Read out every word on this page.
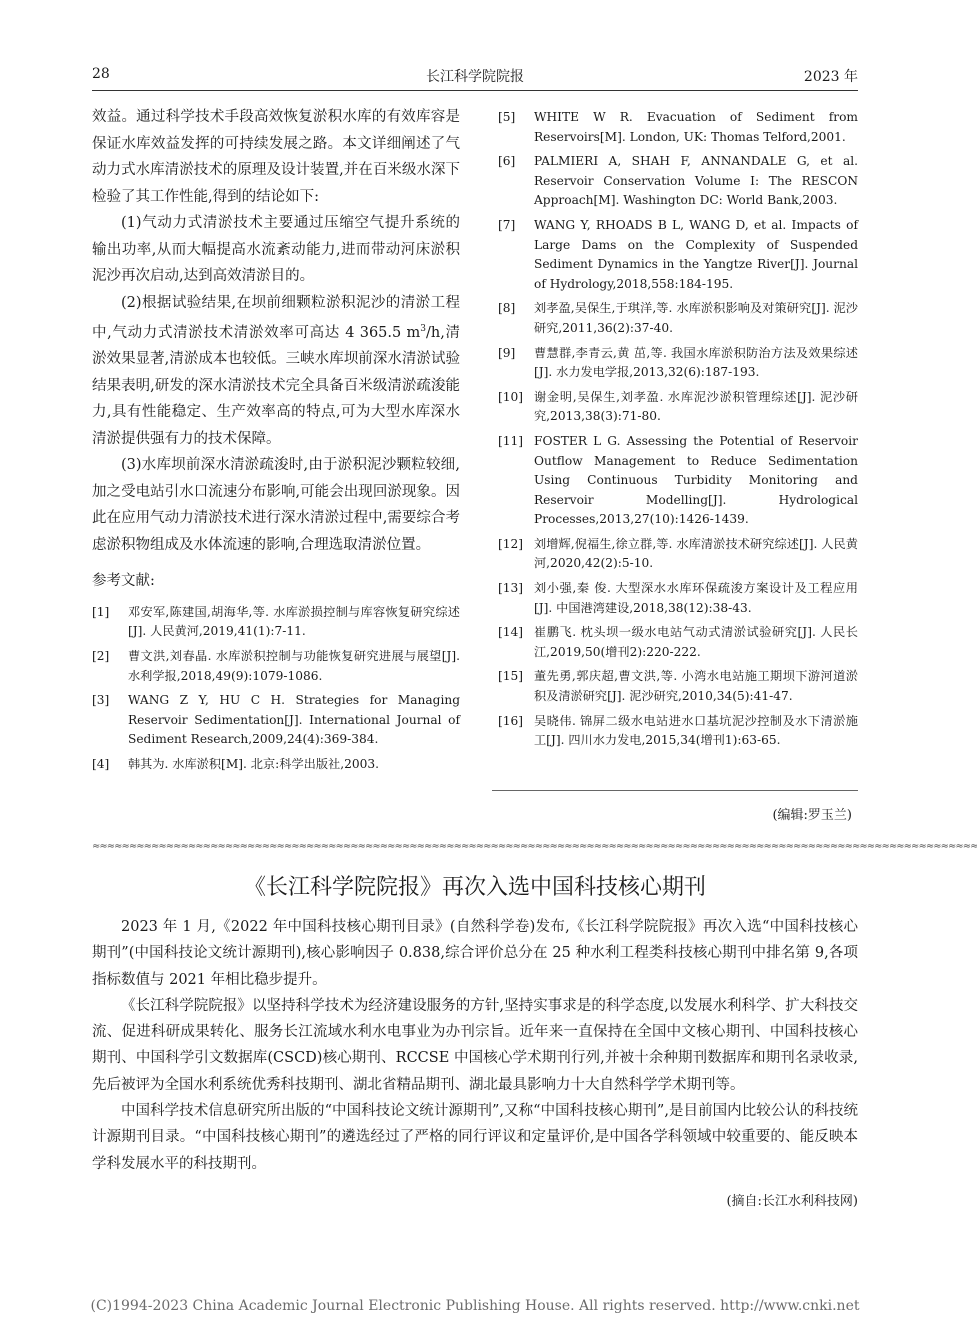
28	长江科学院院报	2023 年

效益。通过科学技术手段高效恢复淤积水库的有效库容是保证水库效益发挥的可持续发展之路。本文详细阐述了气动力式水库清淤技术的原理及设计装置,并在百米级水深下检验了其工作性能,得到的结论如下:

(1)气动力式清淤技术主要通过压缩空气提升系统的输出功率,从而大幅提高水流紊动能力,进而带动河床淤积泥沙再次启动,达到高效清淤目的。

(2)根据试验结果,在坝前细颗粒淤积泥沙的清淤工程中,气动力式清淤技术清淤效率可高达 4 365.5 $m^3/h$,清淤效果显著,清淤成本也较低。三峡水库坝前深水清淤试验结果表明,研发的深水清淤技术完全具备百米级清淤疏浚能力,具有性能稳定、生产效率高的特点,可为大型水库深水清淤提供强有力的技术保障。

(3)水库坝前深水清淤疏浚时,由于淤积泥沙颗粒较细,加之受电站引水口流速分布影响,可能会出现回淤现象。因此在应用气动力清淤技术进行深水清淤过程中,需要综合考虑淤积物组成及水体流速的影响,合理选取清淤位置。

参考文献:
[1] 邓安军,陈建国,胡海华,等. 水库淤损控制与库容恢复研究综述[J]. 人民黄河,2019,41(1):7-11.
[2] 曹文洪,刘春晶. 水库淤积控制与功能恢复研究进展与展望[J]. 水利学报,2018,49(9):1079-1086.
[3] WANG Z Y, HU C H. Strategies for Managing Reservoir Sedimentation[J]. International Journal of Sediment Research,2009,24(4):369-384.
[4] 韩其为. 水库淤积[M]. 北京:科学出版社,2003.
[5] WHITE W R. Evacuation of Sediment from Reservoirs[M]. London, UK: Thomas Telford,2001.
[6] PALMIERI A, SHAH F, ANNANDALE G, et al. Reservoir Conservation Volume I: The RESCON Approach[M]. Washington DC: World Bank,2003.
[7] WANG Y, RHOADS B L, WANG D, et al. Impacts of Large Dams on the Complexity of Suspended Sediment Dynamics in the Yangtze River[J]. Journal of Hydrology,2018,558:184-195.
[8] 刘孝盈,吴保生,于琪洋,等. 水库淤积影响及对策研究[J]. 泥沙研究,2011,36(2):37-40.
[9] 曹慧群,李青云,黄 茁,等. 我国水库淤积防治方法及效果综述[J]. 水力发电学报,2013,32(6):187-193.
[10] 谢金明,吴保生,刘孝盈. 水库泥沙淤积管理综述[J]. 泥沙研究,2013,38(3):71-80.
[11] FOSTER L G. Assessing the Potential of Reservoir Outflow Management to Reduce Sedimentation Using Continuous Turbidity Monitoring and Reservoir Modelling[J]. Hydrological Processes,2013,27(10):1426-1439.
[12] 刘增辉,倪福生,徐立群,等. 水库清淤技术研究综述[J]. 人民黄河,2020,42(2):5-10.
[13] 刘小强,秦 俊. 大型深水水库环保疏浚方案设计及工程应用[J]. 中国港湾建设,2018,38(12):38-43.
[14] 崔鹏飞. 枕头坝一级水电站气动式清淤试验研究[J]. 人民长江,2019,50(增刊2):220-222.
[15] 董先勇,郭庆超,曹文洪,等. 小湾水电站施工期坝下游河道淤积及清淤研究[J]. 泥沙研究,2010,34(5):41-47.
[16] 吴晓伟. 锦屏二级水电站进水口基坑泥沙控制及水下清淤施工[J]. 四川水力发电,2015,34(增刊1):63-65.
(编辑:罗玉兰)
≈≈≈≈≈≈≈≈≈≈≈≈≈≈≈≈≈≈≈≈≈≈≈≈≈≈≈≈≈≈≈≈≈≈≈≈≈≈≈≈≈≈≈≈≈≈≈≈≈≈≈≈≈≈≈≈≈≈≈≈≈≈≈≈≈≈≈≈≈≈≈≈≈≈≈≈≈≈≈≈≈≈≈≈≈≈≈≈≈≈≈≈≈≈≈≈≈≈≈≈≈≈≈≈≈≈≈≈≈≈≈≈≈≈≈≈≈≈≈≈
《长江科学院院报》再次入选中国科技核心期刊

2023 年 1 月,《2022 年中国科技核心期刊目录》(自然科学卷)发布,《长江科学院院报》再次入选“中国科技核心期刊”(中国科技论文统计源期刊),核心影响因子 0.838,综合评价总分在 25 种水利工程类科技核心期刊中排名第 9,各项指标数值与 2021 年相比稳步提升。

《长江科学院院报》以坚持科学技术为经济建设服务的方针,坚持实事求是的科学态度,以发展水利科学、扩大科技交流、促进科研成果转化、服务长江流域水利水电事业为办刊宗旨。近年来一直保持在全国中文核心期刊、中国科技核心期刊、中国科学引文数据库(CSCD)核心期刊、RCCSE 中国核心学术期刊行列,并被十余种期刊数据库和期刊名录收录,先后被评为全国水利系统优秀科技期刊、湖北省精品期刊、湖北最具影响力十大自然科学学术期刊等。

中国科学技术信息研究所出版的“中国科技论文统计源期刊”,又称“中国科技核心期刊”,是目前国内比较公认的科技统计源期刊目录。“中国科技核心期刊”的遴选经过了严格的同行评议和定量评价,是中国各学科领域中较重要的、能反映本学科发展水平的科技期刊。

(摘自:长江水利科技网)
(C)1994-2023 China Academic Journal Electronic Publishing House. All rights reserved. http://www.cnki.net
